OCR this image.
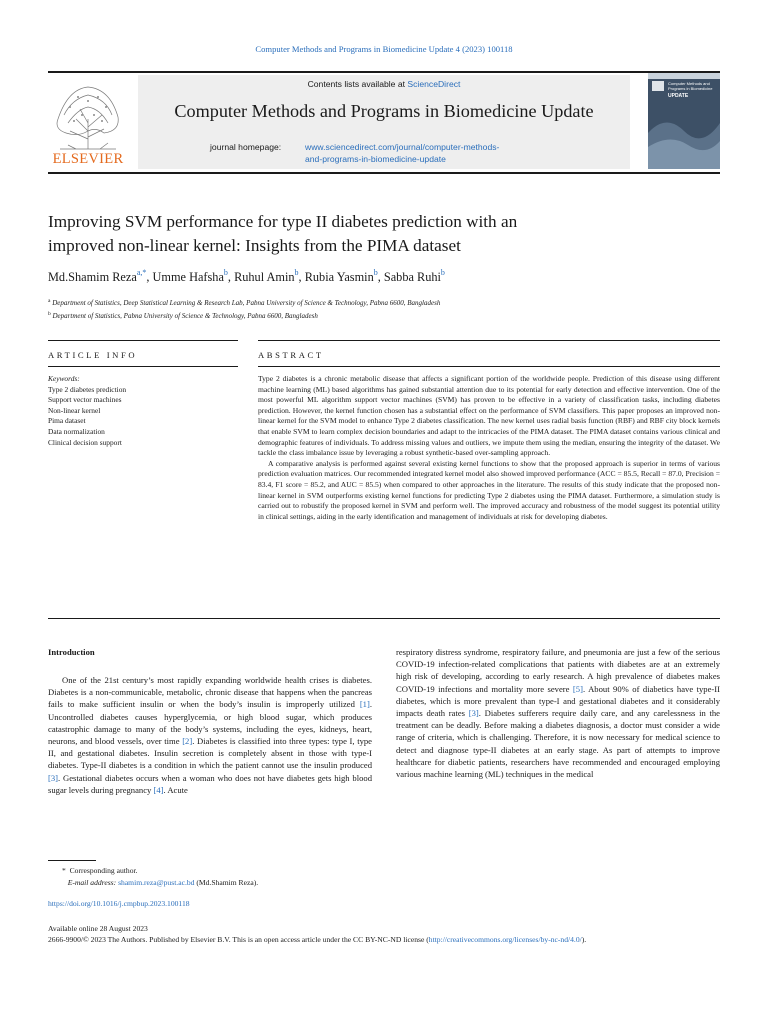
Computer Methods and Programs in Biomedicine Update 4 (2023) 100118
ELSEVIER
Contents lists available at ScienceDirect
Computer Methods and Programs in Biomedicine Update
journal homepage:	www.sciencedirect.com/journal/computer-methods-
and-programs-in-biomedicine-update
Computer Methods and
Programs in Biomedicine
UPDATE
Improving SVM performance for type II diabetes prediction with an
improved non-linear kernel: Insights from the PIMA dataset
Md.Shamim Reza$^{a,*}$, Umme Hafsha$^b$, Ruhul Amin$^b$, Rubia Yasmin$^b$, Sabba Ruhi$^b$
$^a$ Department of Statistics, Deep Statistical Learning & Research Lab, Pabna University of Science & Technology, Pabna 6600, Bangladesh
$^b$ Department of Statistics, Pabna University of Science & Technology, Pabna 6600, Bangladesh
ARTICLE INFO	ABSTRACT
Keywords:
Type 2 diabetes prediction
Support vector machines
Non-linear kernel
Pima dataset
Data normalization
Clinical decision support

Type 2 diabetes is a chronic metabolic disease that affects a significant portion of the worldwide people. Prediction of this disease using different machine learning (ML) based algorithms has gained substantial attention due to its potential for early detection and effective intervention. One of the most powerful ML algorithm support vector machines (SVM) has proven to be effective in a variety of classification tasks, including diabetes prediction. However, the kernel function chosen has a substantial effect on the performance of SVM classifiers. This paper proposes an improved non-linear kernel for the SVM model to enhance Type 2 diabetes classification. The new kernel uses radial basis function (RBF) and RBF city block kernels that enable SVM to learn complex decision boundaries and adapt to the intricacies of the PIMA dataset. The PIMA dataset contains various clinical and demographic features of individuals. To address missing values and outliers, we impute them using the median, ensuring the integrity of the dataset. We tackle the class imbalance issue by leveraging a robust synthetic-based over-sampling approach.

A comparative analysis is performed against several existing kernel functions to show that the proposed approach is superior in terms of various prediction evaluation matrices. Our recommended integrated kernel model also showed improved performance (ACC = 85.5, Recall = 87.0, Precision = 83.4, F1 score = 85.2, and AUC = 85.5) when compared to other approaches in the literature. The results of this study indicate that the proposed non-linear kernel in SVM outperforms existing kernel functions for predicting Type 2 diabetes using the PIMA dataset. Furthermore, a simulation study is carried out to robustify the proposed kernel in SVM and perform well. The improved accuracy and robustness of the model suggest its potential utility in clinical settings, aiding in the early identification and management of individuals at risk for developing diabetes.

Introduction
One of the 21st century’s most rapidly expanding worldwide health crises is diabetes. Diabetes is a non-communicable, metabolic, chronic disease that happens when the pancreas fails to make sufficient insulin or when the body’s insulin is improperly utilized [1]. Uncontrolled diabetes causes hyperglycemia, or high blood sugar, which produces catastrophic damage to many of the body’s systems, including the eyes, kidneys, heart, neurons, and blood vessels, over time [2]. Diabetes is classified into three types: type I, type II, and gestational diabetes. Insulin secretion is completely absent in those with type-I diabetes. Type-II diabetes is a condition in which the patient cannot use the insulin produced [3]. Gestational diabetes occurs when a woman who does not have diabetes gets high blood sugar levels during pregnancy [4]. Acute
respiratory distress syndrome, respiratory failure, and pneumonia are just a few of the serious COVID-19 infection-related complications that patients with diabetes are at an extremely high risk of developing, according to early research. A high prevalence of diabetes makes COVID-19 infections and mortality more severe [5]. About 90% of diabetics have type-II diabetes, which is more prevalent than type-I and gestational diabetes and it considerably impacts death rates [3]. Diabetes sufferers require daily care, and any carelessness in the treatment can be deadly. Before making a diabetes diagnosis, a doctor must consider a wide range of criteria, which is challenging. Therefore, it is now necessary for medical science to detect and diagnose type-II diabetes at an early stage. As part of attempts to improve healthcare for diabetic patients, researchers have recommended and encouraged employing various machine learning (ML) techniques in the medical
* Corresponding author.
E-mail address: shamim.reza@pust.ac.bd (Md.Shamim Reza).
https://doi.org/10.1016/j.cmpbup.2023.100118
Available online 28 August 2023
2666-9900/© 2023 The Authors. Published by Elsevier B.V. This is an open access article under the CC BY-NC-ND license (http://creativecommons.org/licenses/by-nc-nd/4.0/).
